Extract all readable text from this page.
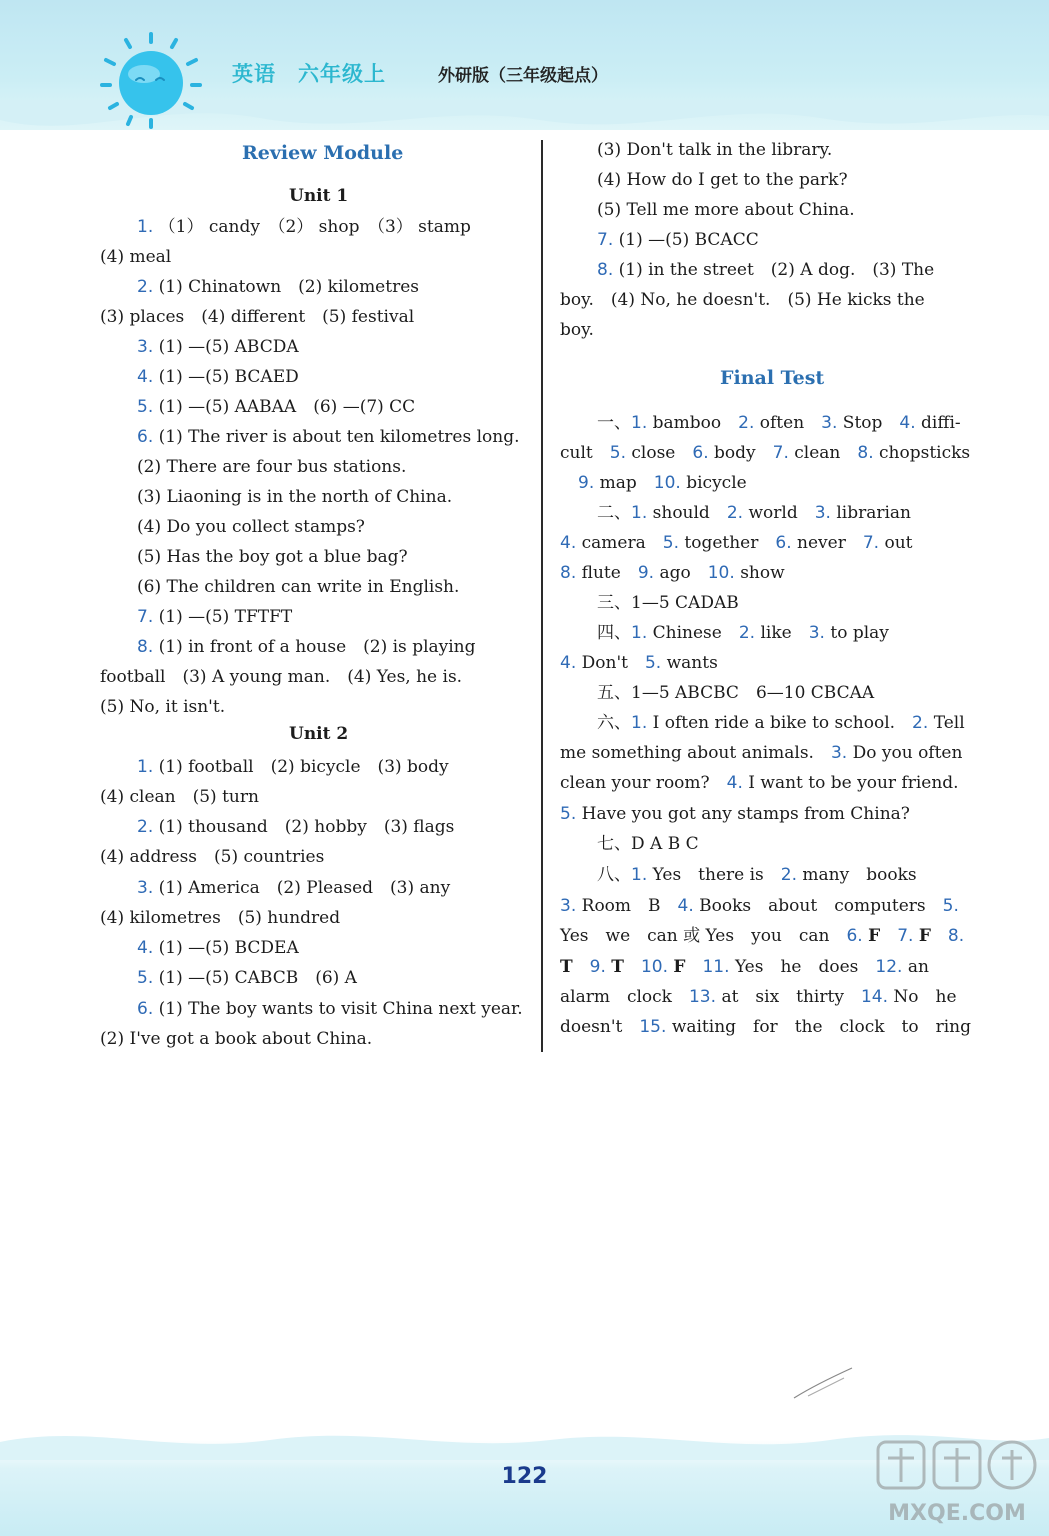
英语 六年级上	外研版（三年级起点）
Review Module
Unit 1
1. （1） candy　（2） shop　（3） stamp
(4) meal
2. (1) Chinatown　(2) kilometres
(3) places　(4) different　(5) festival
3. (1) —(5) ABCDA
4. (1) —(5) BCAED
5. (1) —(5) AABAA　(6) —(7) CC
6. (1) The river is about ten kilometres long.
(2) There are four bus stations.
(3) Liaoning is in the north of China.
(4) Do you collect stamps?
(5) Has the boy got a blue bag?
(6) The children can write in English.
7. (1) —(5) TFTFT
8. (1) in front of a house　(2) is playing
football　(3) A young man.　(4) Yes, he is.
(5) No, it isn't.
Unit 2
1. (1) football　(2) bicycle　(3) body
(4) clean　(5) turn
2. (1) thousand　(2) hobby　(3) flags
(4) address　(5) countries
3. (1) America　(2) Pleased　(3) any
(4) kilometres　(5) hundred
4. (1) —(5) BCDEA
5. (1) —(5) CABCB　(6) A
6. (1) The boy wants to visit China next year.
(2) I've got a book about China.
(3) Don't talk in the library.
(4) How do I get to the park?
(5) Tell me more about China.
7. (1) —(5) BCACC
8. (1) in the street　(2) A dog.　(3) The
boy.　(4) No, he doesn't.　(5) He kicks the
boy.
Final Test
一、1. bamboo　 2. often　 3. Stop　 4. diffi-
cult　 5. close　 6. body　 7. clean　 8. chopsticks
9. map　 10. bicycle
二、1. should　 2. world　 3. librarian
4. camera　 5. together　 6. never　 7. out
8. flute　 9. ago　 10. show
三、1—5 CADAB
四、1. Chinese　 2. like　 3. to play
4. Don't　 5. wants
五、1—5 ABCBC　6—10 CBCAA
六、1. I often ride a bike to school.　 2. Tell
me something about animals.　 3. Do you often
clean your room?　 4. I want to be your friend.
5. Have you got any stamps from China?
七、D A B C
八、1. Yes　there is　 2. many　books
3. Room　B　 4. Books　about　computers　 5.
Yes　we　can 或 Yes　you　can　 6. F　 7. F　 8.
T　 9. T　 10. F　 11. Yes　he　does　 12. an
alarm　clock　 13. at　six　thirty　 14. No　he
doesn't　 15. waiting　for　the　clock　to　ring
122
MXQE.COM
